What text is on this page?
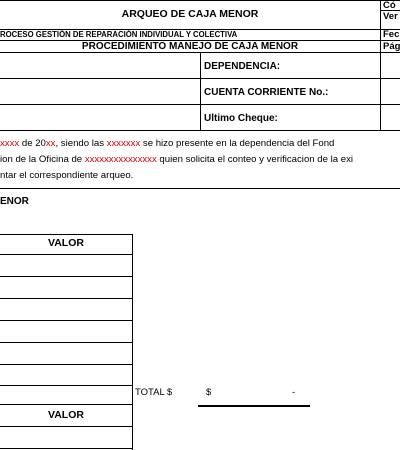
ARQUEO DE CAJA MENOR
ROCESO GESTIÓN DE REPARACIÓN INDIVIDUAL Y COLECTIVA
PROCEDIMIENTO MANEJO DE CAJA MENOR
Có
Ver
Fec
Pág
DEPENDENCIA:
CUENTA CORRIENTE No.:
Ultimo Cheque:
xxxx de 20xx, siendo las xxxxxxx se hizo presente en la dependencia del Fond
ion de la Oficina de xxxxxxxxxxxxxxx quien solicita el conteo y verificacion de la exi
ntar el correspondiente arqueo.
ENOR
VALOR
TOTAL $	$	-
VALOR
